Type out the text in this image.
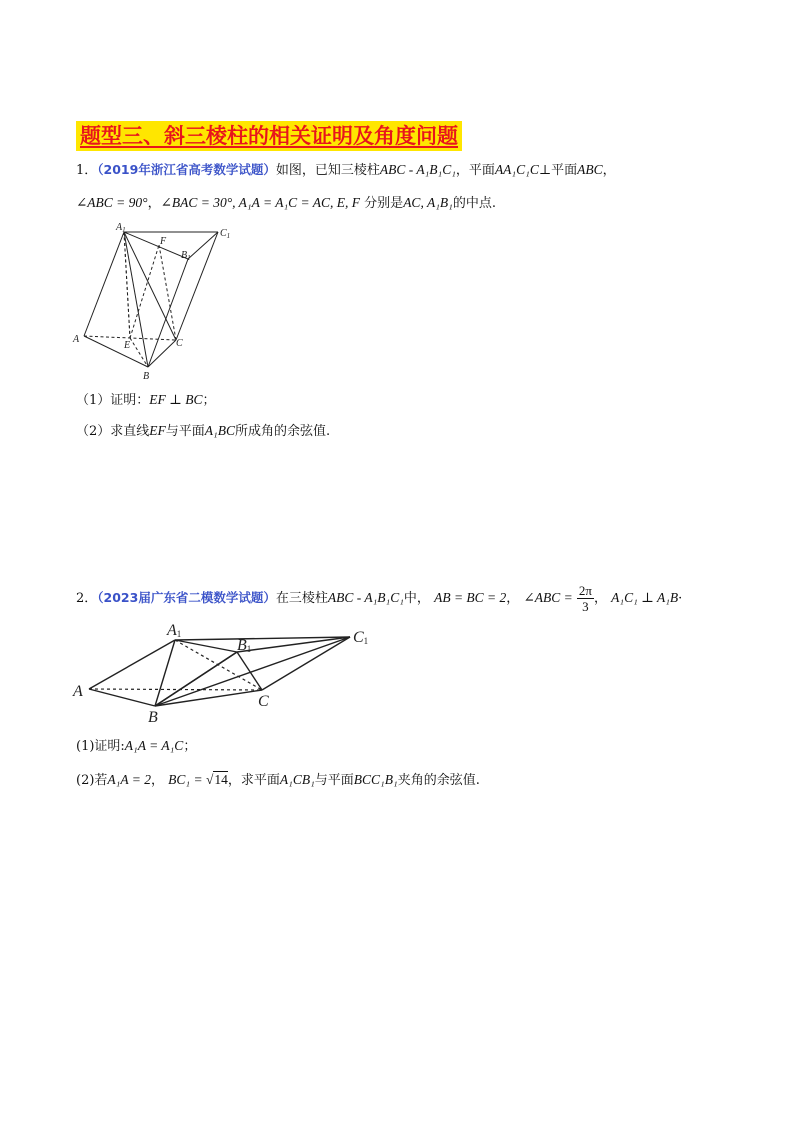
题型三、斜三棱柱的相关证明及角度问题
1．（2019年浙江省高考数学试题）如图，已知三棱柱ABC - A₁B₁C₁，平面AA₁C₁C⊥平面ABC，
∠ABC = 90°，∠BAC = 30°, A₁A = A₁C = AC, E, F 分别是AC, A₁B₁的中点.
$A_1$	$C_1$
F
$B_1$
A
E	C
B
（1）证明：EF ⊥ BC；
（2）求直线EF与平面A₁BC所成角的余弦值.
2．（2023届广东省二模数学试题）在三棱柱ABC - A₁B₁C₁中， AB = BC = 2， ∠ABC = $\frac{2\pi}{3}$ ， A₁C₁ ⊥ A₁B·
A1
B1
C1
A
B
C
(1)证明:A₁A = A₁C；
(2)若A₁A = 2， BC₁ = √14，求平面A₁CB₁与平面BCC₁B₁夹角的余弦值.
